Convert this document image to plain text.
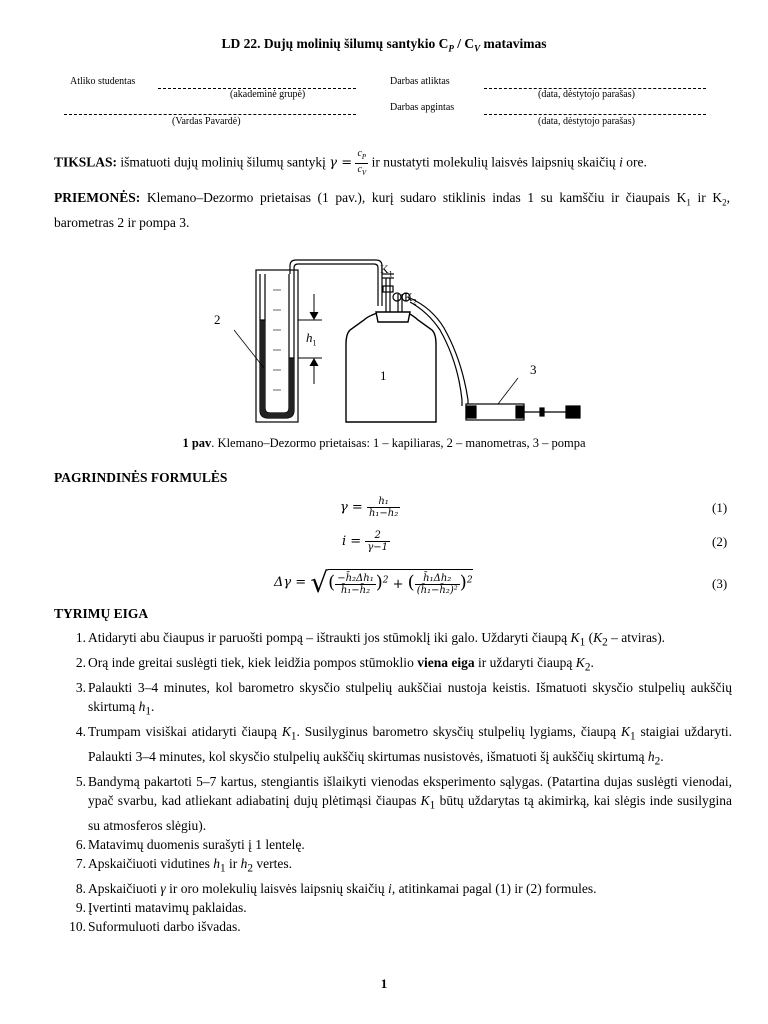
LD 22. Dujų molinių šilumų santykio $C_P / C_V$ matavimas
Atliko studentas
(akademinė grupė)
(Vardas Pavardė)
Darbas atliktas
(data, dėstytojo parašas)
Darbas apgintas
(data, dėstytojo parašas)
TIKSLAS: išmatuoti dujų molinių šilumų santykį $\gamma = \frac{c_P}{c_V}$ ir nustatyti molekulių laisvės laipsnių skaičių i ore.
PRIEMONĖS: Klemano–Dezormo prietaisas (1 pav.), kurį sudaro stiklinis indas 1 su kamščiu ir čiaupais $K_1$ ir $K_2$, barometras 2 ir pompa 3.
2
$h_1$
$K_1$
$K_2$
1	3
1 pav. Klemano–Dezormo prietaisas: 1 – kapiliaras, 2 – manometras, 3 – pompa
PAGRINDINĖS FORMULĖS
$\gamma = \frac{\text{h₁}}{\text{h₁−h₂}}$	(1)
$i = \frac{2}{\gamma-1}$	(2)
Δγ = √( $\frac{\text{−h̄₂Δh₁}}{\text{h̄₁−h̄₂}} )^2$ + ( $\frac{\text{h̄₁Δh₂}}{\text{(h̄₁−h̄₂)²}} )^2$	(3)
TYRIMŲ EIGA
1. Atidaryti abu čiaupus ir paruošti pompą – ištraukti jos stūmoklį iki galo. Uždaryti čiaupą $K_1$ ($K_2$ – atviras).
2. Orą inde greitai suslėgti tiek, kiek leidžia pompos stūmoklio viena eiga ir uždaryti čiaupą $K_2$.
3. Palaukti 3–4 minutes, kol barometro skysčio stulpelių aukščiai nustoja keistis. Išmatuoti skysčio stulpelių aukščių skirtumą $h_1$.
4. Trumpam visiškai atidaryti čiaupą $K_1$. Susilyginus barometro skysčių stulpelių lygiams, čiaupą $K_1$ staigiai uždaryti. Palaukti 3–4 minutes, kol skysčio stulpelių aukščių skirtumas nusistovės, išmatuoti šį aukščių skirtumą $h_2$.
5. Bandymą pakartoti 5–7 kartus, stengiantis išlaikyti vienodas eksperimento sąlygas. (Patartina dujas suslėgti vienodai, ypač svarbu, kad atliekant adiabatinį dujų plėtimąsi čiaupas $K_1$ būtų uždarytas tą akimirką, kai slėgis inde susilygina su atmosferos slėgiu).
6. Matavimų duomenis surašyti į 1 lentelę.
7. Apskaičiuoti vidutines $h_1$ ir $h_2$ vertes.
8. Apskaičiuoti γ ir oro molekulių laisvės laipsnių skaičių i, atitinkamai pagal (1) ir (2) formules.
9. Įvertinti matavimų paklaidas.
10. Suformuluoti darbo išvadas.
1
